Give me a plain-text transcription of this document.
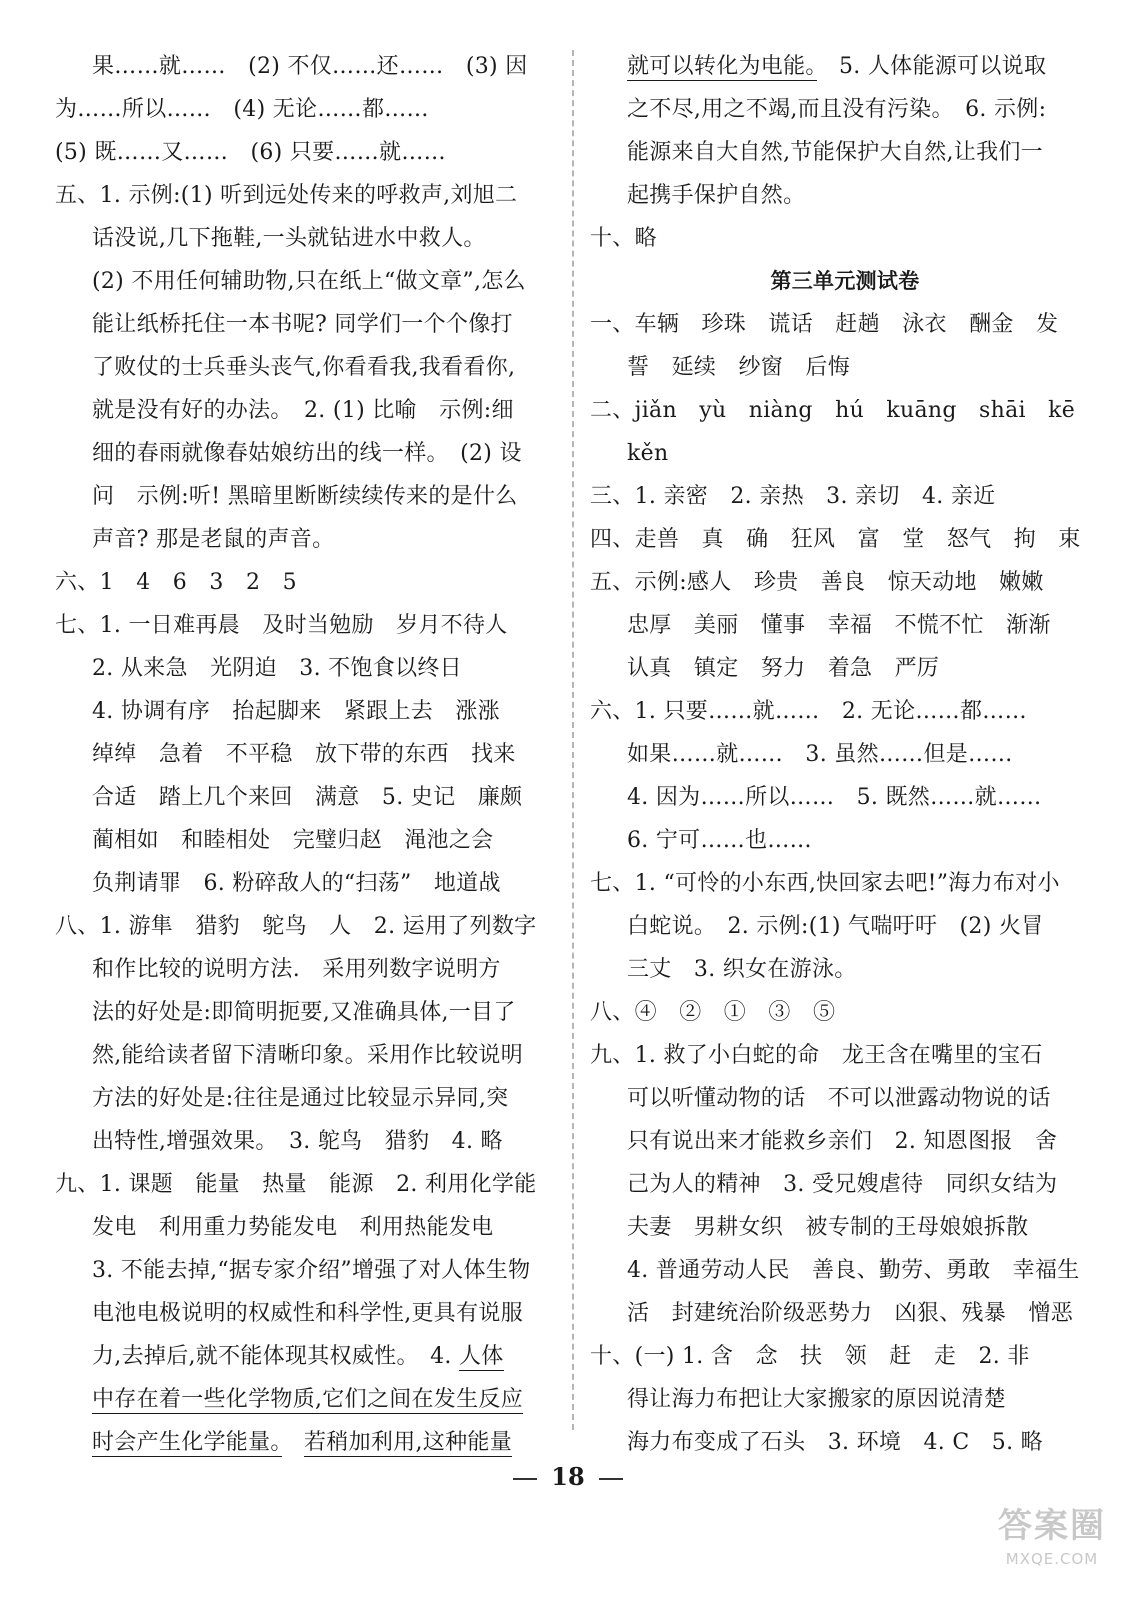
果……就……　(2) 不仅……还……　(3) 因
为……所以……　(4) 无论……都……
(5) 既……又……　(6) 只要……就……
五、1. 示例:(1) 听到远处传来的呼救声,刘旭二
话没说,几下拖鞋,一头就钻进水中救人。
(2) 不用任何辅助物,只在纸上“做文章”,怎么
能让纸桥托住一本书呢? 同学们一个个像打
了败仗的士兵垂头丧气,你看看我,我看看你,
就是没有好的办法。　2. (1) 比喻　示例:细
细的春雨就像春姑娘纺出的线一样。　(2) 设
问　示例:听! 黑暗里断断续续传来的是什么
声音? 那是老鼠的声音。
六、1　4　6　3　2　5
七、1. 一日难再晨　及时当勉励　岁月不待人
2. 从来急　光阴迫　3. 不饱食以终日
4. 协调有序　抬起脚来　紧跟上去　涨涨
绰绰　急着　不平稳　放下带的东西　找来
合适　踏上几个来回　满意　5. 史记　廉颇
蔺相如　和睦相处　完璧归赵　渑池之会
负荆请罪　6. 粉碎敌人的“扫荡”　地道战
八、1. 游隼　猎豹　鸵鸟　人　2. 运用了列数字
和作比较的说明方法.　采用列数字说明方
法的好处是:即简明扼要,又准确具体,一目了
然,能给读者留下清晰印象。采用作比较说明
方法的好处是:往往是通过比较显示异同,突
出特性,增强效果。　3. 鸵鸟　猎豹　4. 略
九、1. 课题　能量　热量　能源　2. 利用化学能
发电　利用重力势能发电　利用热能发电
3. 不能去掉,“据专家介绍”增强了对人体生物
电池电极说明的权威性和科学性,更具有说服
力,去掉后,就不能体现其权威性。　4. 人体
中存在着一些化学物质,它们之间在发生反应
时会产生化学能量。　 若稍加利用,这种能量
就可以转化为电能。　5. 人体能源可以说取
之不尽,用之不竭,而且没有污染。　6. 示例:
能源来自大自然,节能保护大自然,让我们一
起携手保护自然。
十、略
第三单元测试卷
一、车辆　珍珠　谎话　赶趟　泳衣　酬金　发
誓　延续　纱窗　后悔
二、jiǎn　yù　niàng　hú　kuāng　shāi　kē
kěn
三、1. 亲密　2. 亲热　3. 亲切　4. 亲近
四、走兽　真　确　狂风　富　堂　怒气　拘　束
五、示例:感人　珍贵　善良　惊天动地　嫩嫩
忠厚　美丽　懂事　幸福　不慌不忙　渐渐
认真　镇定　努力　着急　严厉
六、1. 只要……就……　2. 无论……都……
如果……就……　3. 虽然……但是……
4. 因为……所以……　5. 既然……就……
6. 宁可……也……
七、1. “可怜的小东西,快回家去吧!”海力布对小
白蛇说。　2. 示例:(1) 气喘吁吁　(2) 火冒
三丈　3. 织女在游泳。
八、④　②　①　③　⑤
九、1. 救了小白蛇的命　龙王含在嘴里的宝石
可以听懂动物的话　不可以泄露动物说的话
只有说出来才能救乡亲们　2. 知恩图报　舍
己为人的精神　3. 受兄嫂虐待　同织女结为
夫妻　男耕女织　被专制的王母娘娘拆散
4. 普通劳动人民　善良、勤劳、勇敢　幸福生
活　封建统治阶级恶势力　凶狠、残暴　憎恶
十、(一) 1. 含　念　扶　领　赶　走　2. 非
得让海力布把让大家搬家的原因说清楚
海力布变成了石头　3. 环境　4. C　5. 略
18
答案圈
MXQE.COM
